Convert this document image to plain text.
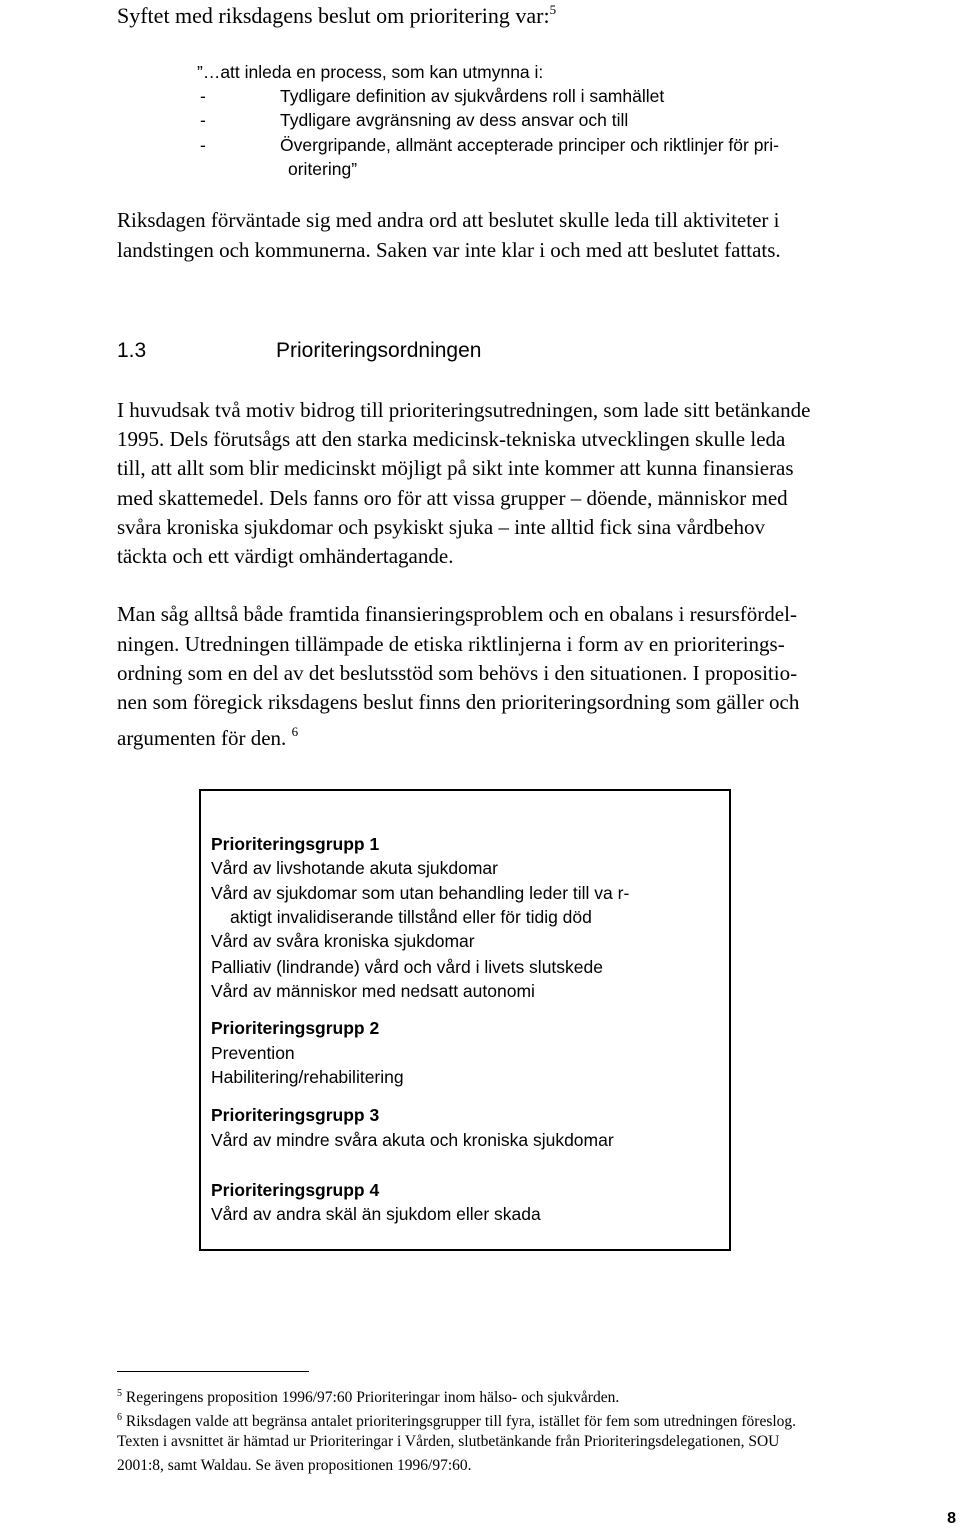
Syftet med riksdagens beslut om prioritering var:$^5$
”…att inleda en process, som kan utmynna i:
-	Tydligare definition av sjukvårdens roll i samhället
-	Tydligare avgränsning av dess ansvar och till
-	Övergripande, allmänt accepterade principer och riktlinjer för pri-
oritering”
Riksdagen förväntade sig med andra ord att beslutet skulle leda till aktiviteter i
landstingen och kommunerna. Saken var inte klar i och med att beslutet fattats.
1.3	Prioriteringsordningen
I huvudsak två motiv bidrog till prioriteringsutredningen, som lade sitt betänkande
1995. Dels förutsågs att den starka medicinsk-tekniska utvecklingen skulle leda
till, att allt som blir medicinskt möjligt på sikt inte kommer att kunna finansieras
med skattemedel. Dels fanns oro för att vissa grupper – döende, människor med
svåra kroniska sjukdomar och psykiskt sjuka – inte alltid fick sina vårdbehov
täckta och ett värdigt omhändertagande.
Man såg alltså både framtida finansieringsproblem och en obalans i resursfördel-
ningen. Utredningen tillämpade de etiska riktlinjerna i form av en prioriterings-
ordning som en del av det beslutsstöd som behövs i den situationen. I propositio-
nen som föregick riksdagens beslut finns den prioriteringsordning som gäller och
argumenten för den. $^6$
Prioriteringsgrupp 1
Vård av livshotande akuta sjukdomar
Vård av sjukdomar som utan behandling leder till va r-
aktigt invalidiserande tillstånd eller för tidig död
Vård av svåra kroniska sjukdomar
Palliativ (lindrande) vård och vård i livets slutskede
Vård av människor med nedsatt autonomi
Prioriteringsgrupp 2
Prevention
Habilitering/rehabilitering
Prioriteringsgrupp 3
Vård av mindre svåra akuta och kroniska sjukdomar
Prioriteringsgrupp 4
Vård av andra skäl än sjukdom eller skada
$^5$ Regeringens proposition 1996/97:60 Prioriteringar inom hälso- och sjukvården.
$^6$ Riksdagen valde att begränsa antalet prioriteringsgrupper till fyra, istället för fem som utredningen föreslog.
Texten i avsnittet är hämtad ur Prioriteringar i Vården, slutbetänkande från Prioriteringsdelegationen, SOU
2001:8, samt Waldau. Se även propositionen 1996/97:60.
8
